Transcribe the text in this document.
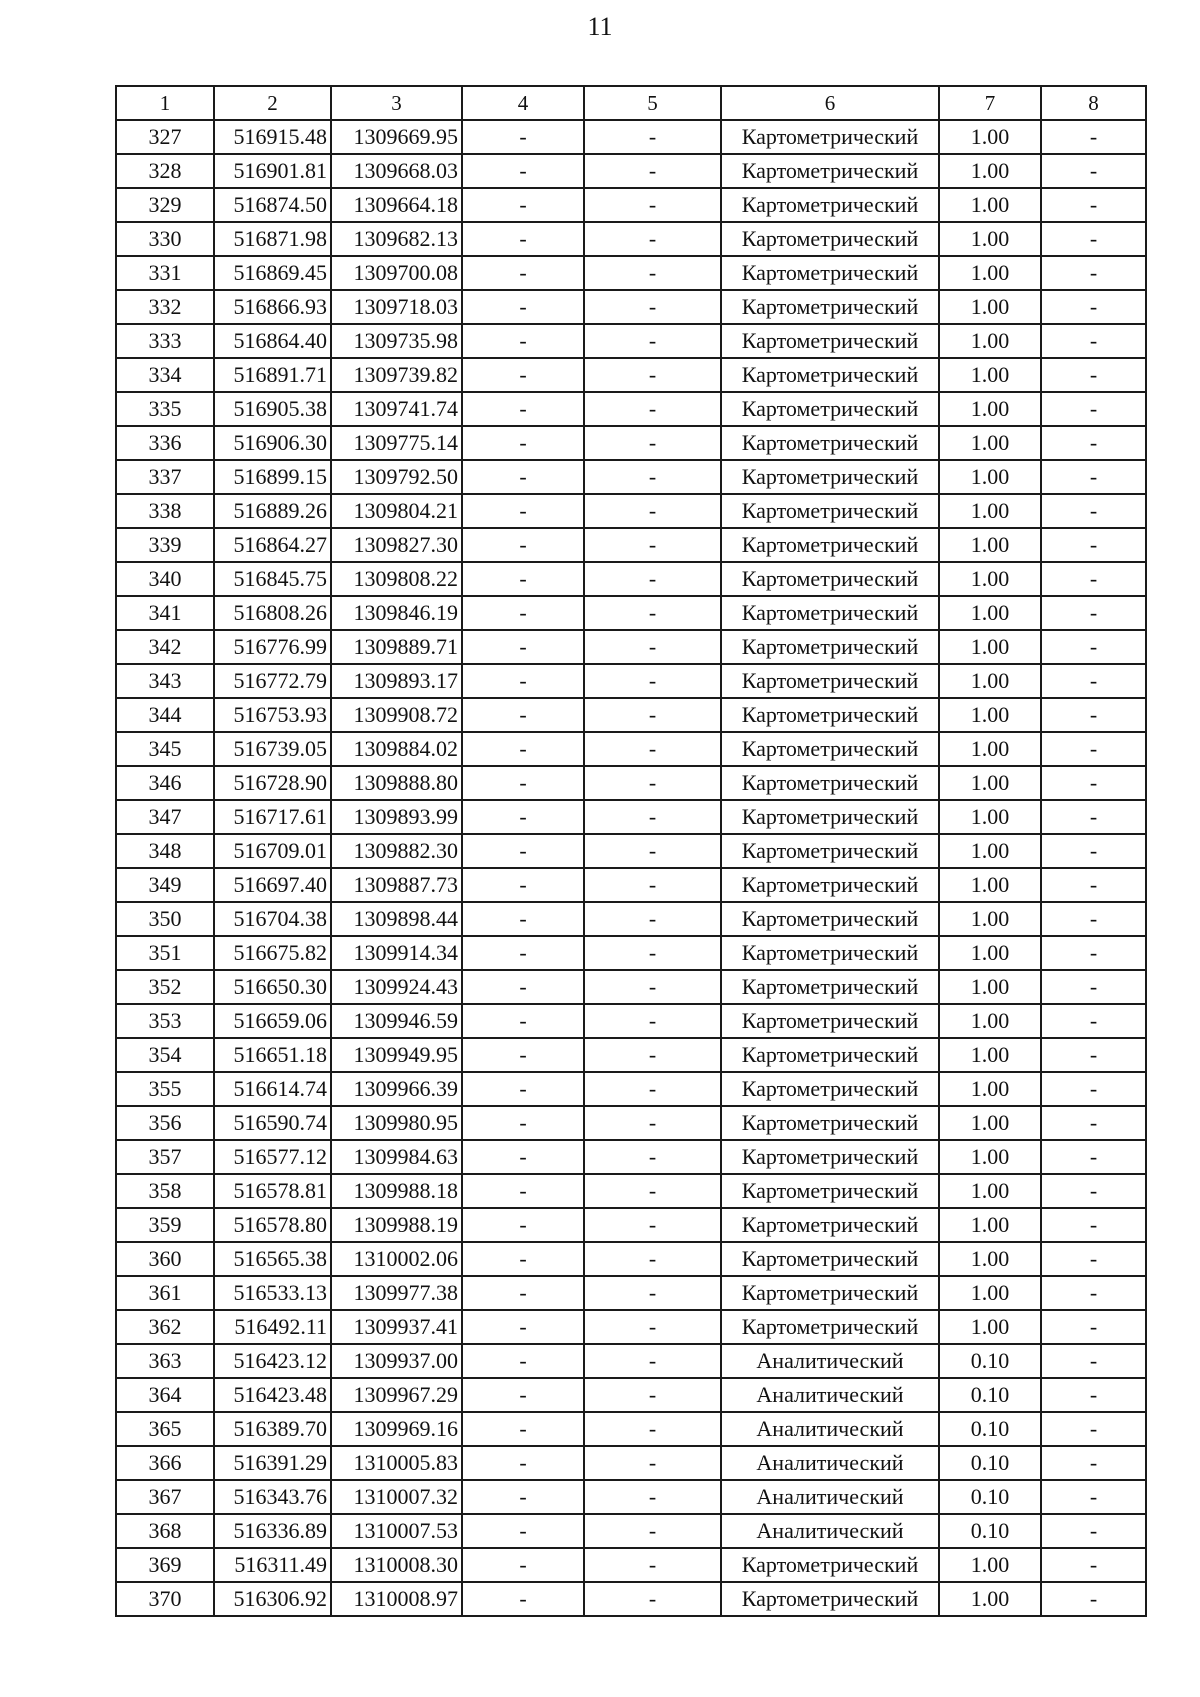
11
1	2	3	4	5	6	7	8
327	516915.48	1309669.95	-	-	Картометрический	1.00	-
328	516901.81	1309668.03	-	-	Картометрический	1.00	-
329	516874.50	1309664.18	-	-	Картометрический	1.00	-
330	516871.98	1309682.13	-	-	Картометрический	1.00	-
331	516869.45	1309700.08	-	-	Картометрический	1.00	-
332	516866.93	1309718.03	-	-	Картометрический	1.00	-
333	516864.40	1309735.98	-	-	Картометрический	1.00	-
334	516891.71	1309739.82	-	-	Картометрический	1.00	-
335	516905.38	1309741.74	-	-	Картометрический	1.00	-
336	516906.30	1309775.14	-	-	Картометрический	1.00	-
337	516899.15	1309792.50	-	-	Картометрический	1.00	-
338	516889.26	1309804.21	-	-	Картометрический	1.00	-
339	516864.27	1309827.30	-	-	Картометрический	1.00	-
340	516845.75	1309808.22	-	-	Картометрический	1.00	-
341	516808.26	1309846.19	-	-	Картометрический	1.00	-
342	516776.99	1309889.71	-	-	Картометрический	1.00	-
343	516772.79	1309893.17	-	-	Картометрический	1.00	-
344	516753.93	1309908.72	-	-	Картометрический	1.00	-
345	516739.05	1309884.02	-	-	Картометрический	1.00	-
346	516728.90	1309888.80	-	-	Картометрический	1.00	-
347	516717.61	1309893.99	-	-	Картометрический	1.00	-
348	516709.01	1309882.30	-	-	Картометрический	1.00	-
349	516697.40	1309887.73	-	-	Картометрический	1.00	-
350	516704.38	1309898.44	-	-	Картометрический	1.00	-
351	516675.82	1309914.34	-	-	Картометрический	1.00	-
352	516650.30	1309924.43	-	-	Картометрический	1.00	-
353	516659.06	1309946.59	-	-	Картометрический	1.00	-
354	516651.18	1309949.95	-	-	Картометрический	1.00	-
355	516614.74	1309966.39	-	-	Картометрический	1.00	-
356	516590.74	1309980.95	-	-	Картометрический	1.00	-
357	516577.12	1309984.63	-	-	Картометрический	1.00	-
358	516578.81	1309988.18	-	-	Картометрический	1.00	-
359	516578.80	1309988.19	-	-	Картометрический	1.00	-
360	516565.38	1310002.06	-	-	Картометрический	1.00	-
361	516533.13	1309977.38	-	-	Картометрический	1.00	-
362	516492.11	1309937.41	-	-	Картометрический	1.00	-
363	516423.12	1309937.00	-	-	Аналитический	0.10	-
364	516423.48	1309967.29	-	-	Аналитический	0.10	-
365	516389.70	1309969.16	-	-	Аналитический	0.10	-
366	516391.29	1310005.83	-	-	Аналитический	0.10	-
367	516343.76	1310007.32	-	-	Аналитический	0.10	-
368	516336.89	1310007.53	-	-	Аналитический	0.10	-
369	516311.49	1310008.30	-	-	Картометрический	1.00	-
370	516306.92	1310008.97	-	-	Картометрический	1.00	-
